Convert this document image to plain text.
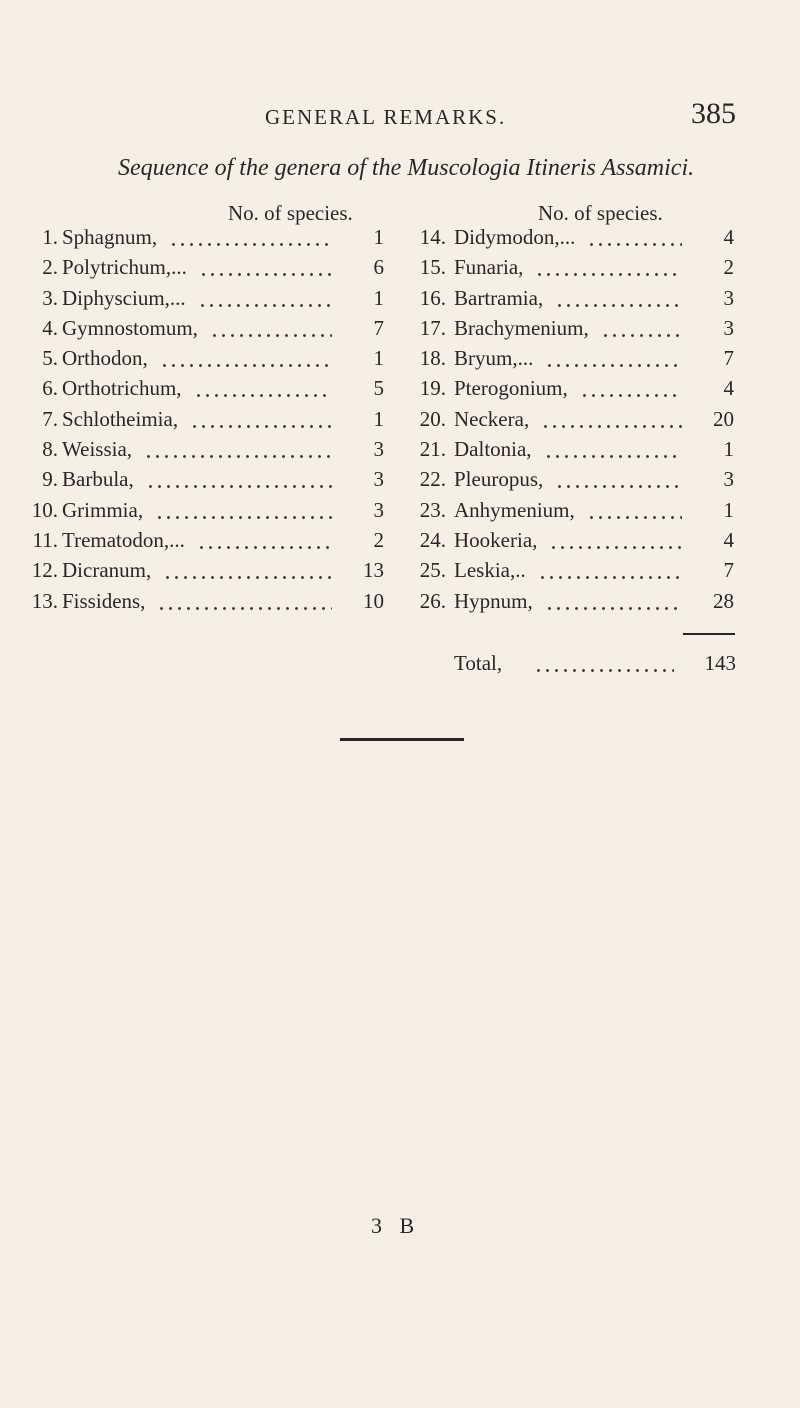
GENERAL REMARKS.	385
Sequence of the genera of the Muscologia Itineris Assamici.
No. of species.	No. of species.
1. Sphagnum,	1	14. Didymodon,...	4
2. Polytrichum,...	6	15. Funaria,	2
3. Diphyscium,...	1	16. Bartramia,	3
4. Gymnostomum,	7	17. Brachymenium,	3
5. Orthodon,	1	18. Bryum,...	7
6. Orthotrichum,	5	19. Pterogonium,	4
7. Schlotheimia,	1	20. Neckera,	20
8. Weissia,	3	21. Daltonia,	1
9. Barbula,	3	22. Pleuropus,	3
10. Grimmia,	3	23. Anhymenium,	1
11. Trematodon,...	2	24. Hookeria,	4
12. Dicranum,	13	25. Leskia,..	7
13. Fissidens,	10	26. Hypnum,	28
Total,	143
3 B
